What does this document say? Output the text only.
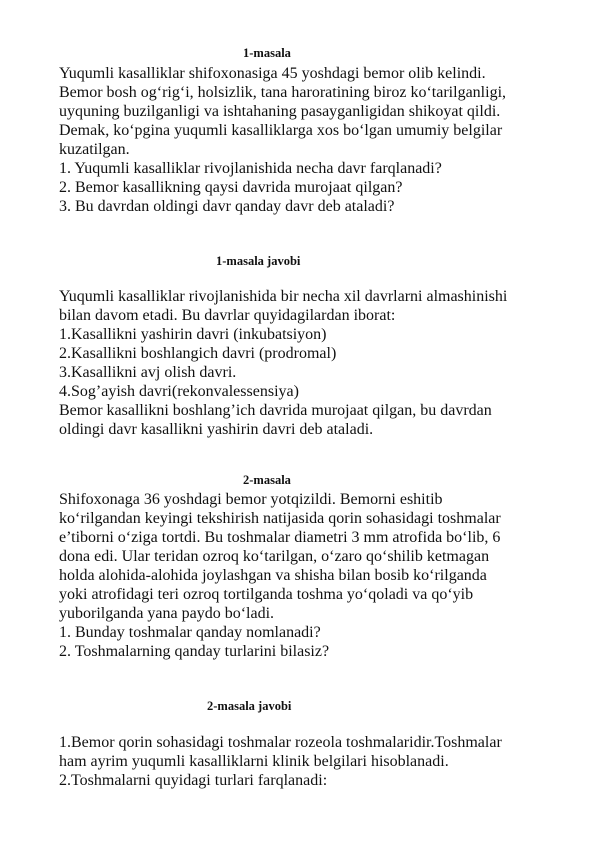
1-masala
Yuqumli kasalliklar shifoxonasiga 45 yoshdagi bemor olib kelindi.
Bemor bosh og‘rig‘i, holsizlik, tana haroratining biroz ko‘tarilganligi,
uyquning buzilganligi va ishtahaning pasayganligidan shikoyat qildi.
Demak, ko‘pgina yuqumli kasalliklarga xos bo‘lgan umumiy belgilar
kuzatilgan.
1. Yuqumli kasalliklar rivojlanishida necha davr farqlanadi?
2. Bemor kasallikning qaysi davrida murojaat qilgan?
3. Bu davrdan oldingi davr qanday davr deb ataladi?
1-masala javobi
Yuqumli kasalliklar rivojlanishida bir necha xil davrlarni almashinishi
bilan davom etadi. Bu davrlar quyidagilardan iborat:
1.Kasallikni yashirin davri (inkubatsiyon)
2.Kasallikni boshlangich davri (prodromal)
3.Kasallikni avj olish davri.
4.Sog’ayish davri(rekonvalessensiya)
Bemor kasallikni boshlang’ich davrida murojaat qilgan, bu davrdan
oldingi davr kasallikni yashirin davri deb ataladi.
2-masala
Shifoxonaga 36 yoshdagi bemor yotqizildi. Bemorni eshitib
ko‘rilgandan keyingi tekshirish natijasida qorin sohasidagi toshmalar
e’tiborni o‘ziga tortdi. Bu toshmalar diametri 3 mm atrofida bo‘lib, 6
dona edi. Ular teridan ozroq ko‘tarilgan, o‘zaro qo‘shilib ketmagan
holda alohida-alohida joylashgan va shisha bilan bosib ko‘rilganda
yoki atrofidagi teri ozroq tortilganda toshma yo‘qoladi va qo‘yib
yuborilganda yana paydo bo‘ladi.
1. Bunday toshmalar qanday nomlanadi?
2. Toshmalarning qanday turlarini bilasiz?
2-masala javobi
1.Bemor qorin sohasidagi toshmalar rozeola toshmalaridir.Toshmalar
ham ayrim yuqumli kasalliklarni klinik belgilari hisoblanadi.
2.Toshmalarni quyidagi turlari farqlanadi:
